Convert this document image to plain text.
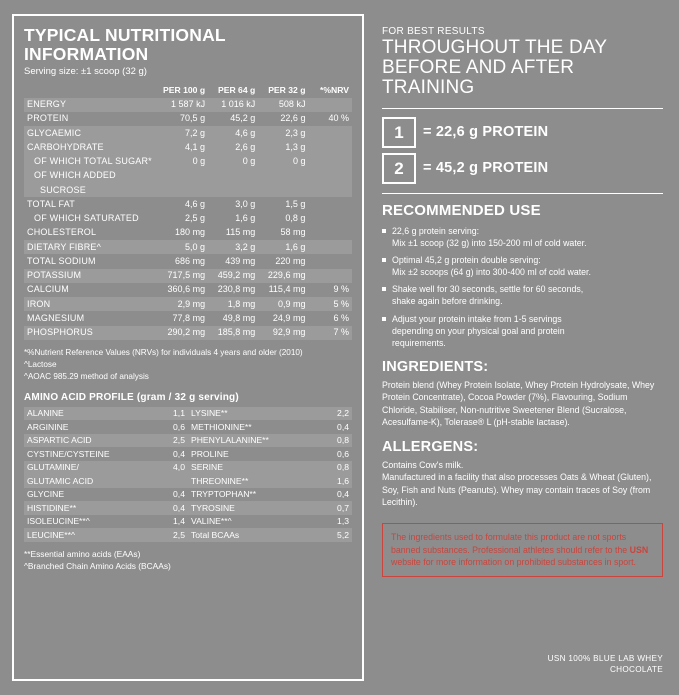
TYPICAL NUTRITIONAL INFORMATION

Serving size: ±1 scoop (32 g)

	PER 100 g	PER 64 g	PER 32 g	*%NRV
ENERGY	1 587 kJ	1 016 kJ	508 kJ	
PROTEIN	70,5 g	45,2 g	22,6 g	40 %
GLYCAEMIC	7,2 g	4,6 g	2,3 g	
CARBOHYDRATE	4,1 g	2,6 g	1,3 g	
OF WHICH TOTAL SUGAR*	0 g	0 g	0 g	
OF WHICH ADDED				
SUCROSE				
TOTAL FAT	4,6 g	3,0 g	1,5 g	
OF WHICH SATURATED	2,5 g	1,6 g	0,8 g	
CHOLESTEROL	180 mg	115 mg	58 mg	
DIETARY FIBRE^	5,0 g	3,2 g	1,6 g	
TOTAL SODIUM	686 mg	439 mg	220 mg	
POTASSIUM	717,5 mg	459,2 mg	229,6 mg	
CALCIUM	360,6 mg	230,8 mg	115,4 mg	9 %
IRON	2,9 mg	1,8 mg	0,9 mg	5 %
MAGNESIUM	77,8 mg	49,8 mg	24,9 mg	6 %
PHOSPHORUS	290,2 mg	185,8 mg	92,9 mg	7 %
*%Nutrient Reference Values (NRVs) for individuals 4 years and older (2010)
^Lactose
^AOAC 985.29 method of analysis
AMINO ACID PROFILE (gram / 32 g serving)
ALANINE	1,1	LYSINE**	2,2
ARGININE	0,6	METHIONINE**	0,4
ASPARTIC ACID	2,5	PHENYLALANINE**	0,8
CYSTINE/CYSTEINE	0,4	PROLINE	0,6
GLUTAMINE/	4,0	SERINE	0,8
GLUTAMIC ACID		THREONINE**	1,6
GLYCINE	0,4	TRYPTOPHAN**	0,4
HISTIDINE**	0,4	TYROSINE	0,7
ISOLEUCINE**^	1,4	VALINE**^	1,3
LEUCINE**^	2,5	Total BCAAs	5,2
**Essential amino acids (EAAs)
^Branched Chain Amino Acids (BCAAs)
FOR BEST RESULTS
THROUGHOUT THE DAY
BEFORE AND AFTER TRAINING
1	= 22,6 g PROTEIN
2	= 45,2 g PROTEIN
RECOMMENDED USE
22,6 g protein serving:
Mix ±1 scoop (32 g) into 150-200 ml of cold water.
Optimal 45,2 g protein double serving:
Mix ±2 scoops (64 g) into 300-400 ml of cold water.
Shake well for 30 seconds, settle for 60 seconds,
shake again before drinking.
Adjust your protein intake from 1-5 servings
depending on your physical goal and protein
requirements.
INGREDIENTS:

Protein blend (Whey Protein Isolate, Whey Protein Hydrolysate, Whey Protein Concentrate), Cocoa Powder (7%), Flavouring, Sodium Chloride, Stabiliser, Non-nutritive Sweetener Blend (Sucralose, Acesulfame-K), Tolerase® L (pH-stable lactase).

ALLERGENS:

Contains Cow's milk.
Manufactured in a facility that also processes Oats & Wheat (Gluten), Soy, Fish and Nuts (Peanuts). Whey may contain traces of Soy (from Lecithin).

The ingredients used to formulate this product are not sports banned substances. Professional athletes should refer to the USN website for more information on prohibited substances in sport.
USN 100% BLUE LAB WHEY
CHOCOLATE
